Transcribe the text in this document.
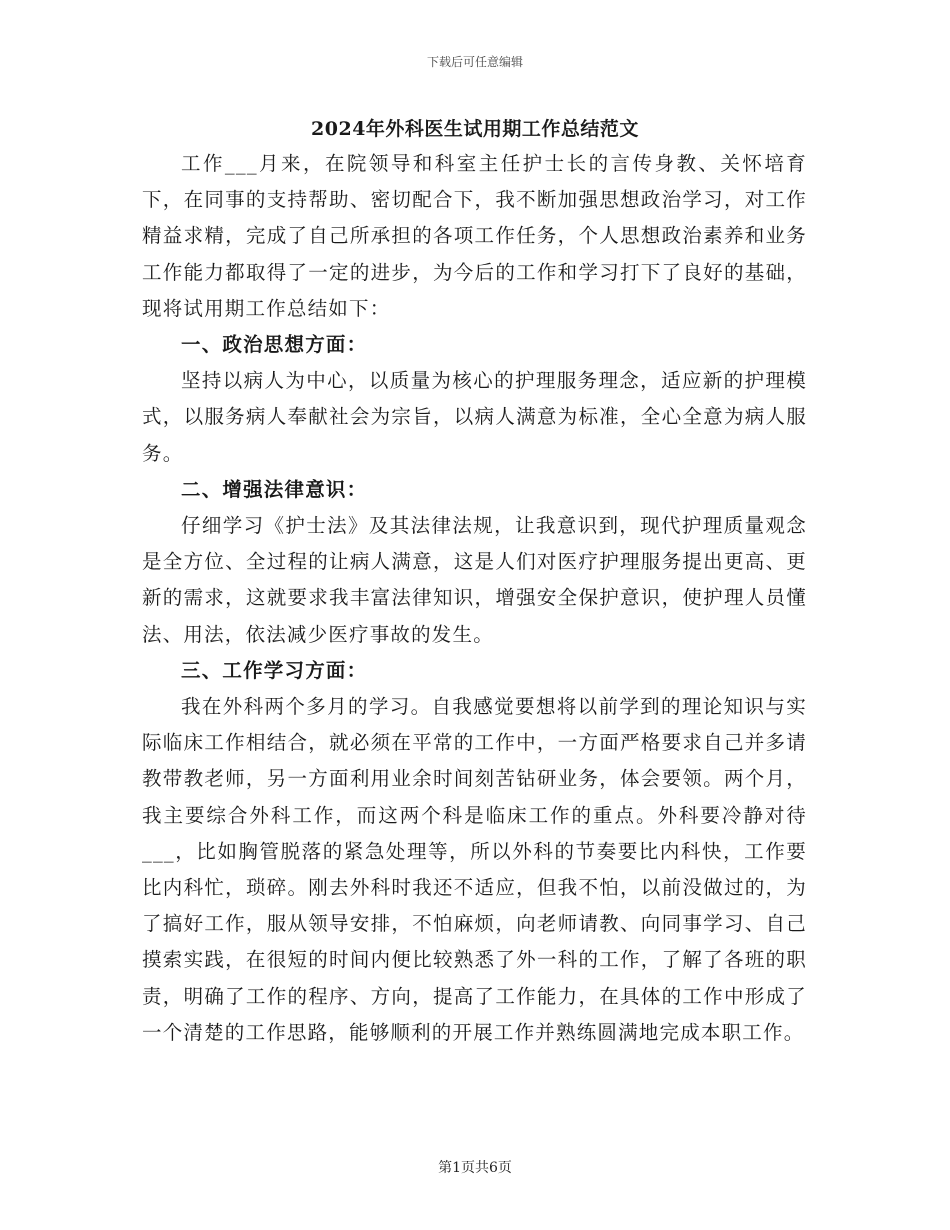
下载后可任意编辑
2024年外科医生试用期工作总结范文

工作___月来，在院领导和科室主任护士长的言传身教、关怀培育下，在同事的支持帮助、密切配合下，我不断加强思想政治学习，对工作精益求精，完成了自己所承担的各项工作任务，个人思想政治素养和业务工作能力都取得了一定的进步，为今后的工作和学习打下了良好的基础，现将试用期工作总结如下：

一、政治思想方面：

坚持以病人为中心，以质量为核心的护理服务理念，适应新的护理模式，以服务病人奉献社会为宗旨，以病人满意为标准，全心全意为病人服务。

二、增强法律意识：

仔细学习《护士法》及其法律法规，让我意识到，现代护理质量观念是全方位、全过程的让病人满意，这是人们对医疗护理服务提出更高、更新的需求，这就要求我丰富法律知识，增强安全保护意识，使护理人员懂法、用法，依法减少医疗事故的发生。

三、工作学习方面：

我在外科两个多月的学习。自我感觉要想将以前学到的理论知识与实际临床工作相结合，就必须在平常的工作中，一方面严格要求自己并多请教带教老师，另一方面利用业余时间刻苦钻研业务，体会要领。两个月，我主要综合外科工作，而这两个科是临床工作的重点。外科要冷静对待___，比如胸管脱落的紧急处理等，所以外科的节奏要比内科快，工作要比内科忙，琐碎。刚去外科时我还不适应，但我不怕，以前没做过的，为了搞好工作，服从领导安排，不怕麻烦，向老师请教、向同事学习、自己摸索实践，在很短的时间内便比较熟悉了外一科的工作，了解了各班的职责，明确了工作的程序、方向，提高了工作能力，在具体的工作中形成了一个清楚的工作思路，能够顺利的开展工作并熟练圆满地完成本职工作。

第1页共6页
